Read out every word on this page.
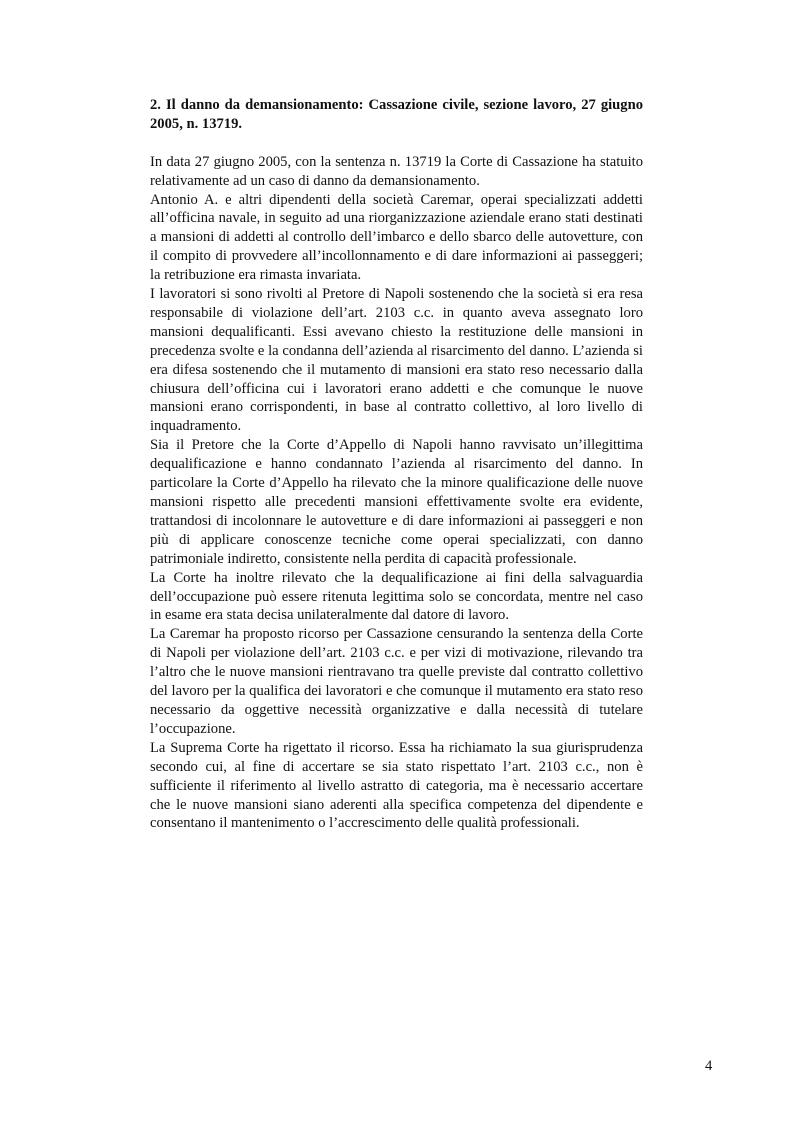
2. Il danno da demansionamento: Cassazione civile, sezione lavoro, 27 giugno 2005, n. 13719.

In data 27 giugno 2005, con la sentenza n. 13719 la Corte di Cassazione ha statuito relativamente ad un caso di danno da demansionamento.

Antonio A. e altri dipendenti della società Caremar, operai specializzati addetti all’officina navale, in seguito ad una riorganizzazione aziendale erano stati destinati a mansioni di addetti al controllo dell’imbarco e dello sbarco delle autovetture, con il compito di provvedere all’incollonnamento e di dare informazioni ai passeggeri; la retribuzione era rimasta invariata.

I lavoratori si sono rivolti al Pretore di Napoli sostenendo che la società si era resa responsabile di violazione dell’art. 2103 c.c. in quanto aveva assegnato loro mansioni dequalificanti. Essi avevano chiesto la restituzione delle mansioni in precedenza svolte e la condanna dell’azienda al risarcimento del danno. L’azienda si era difesa sostenendo che il mutamento di mansioni era stato reso necessario dalla chiusura dell’officina cui i lavoratori erano addetti e che comunque le nuove mansioni erano corrispondenti, in base al contratto collettivo, al loro livello di inquadramento.

Sia il Pretore che la Corte d’Appello di Napoli hanno ravvisato un’illegittima dequalificazione e hanno condannato l’azienda al risarcimento del danno. In particolare la Corte d’Appello ha rilevato che la minore qualificazione delle nuove mansioni rispetto alle precedenti mansioni effettivamente svolte era evidente, trattandosi di incolonnare le autovetture e di dare informazioni ai passeggeri e non più di applicare conoscenze tecniche come operai specializzati, con danno patrimoniale indiretto, consistente nella perdita di capacità professionale.

La Corte ha inoltre rilevato che la dequalificazione ai fini della salvaguardia dell’occupazione può essere ritenuta legittima solo se concordata, mentre nel caso in esame era stata decisa unilateralmente dal datore di lavoro.

La Caremar ha proposto ricorso per Cassazione censurando la sentenza della Corte di Napoli per violazione dell’art. 2103 c.c. e per vizi di motivazione, rilevando tra l’altro che le nuove mansioni rientravano tra quelle previste dal contratto collettivo del lavoro per la qualifica dei lavoratori e che comunque il mutamento era stato reso necessario da oggettive necessità organizzative e dalla necessità di tutelare l’occupazione.

La Suprema Corte ha rigettato il ricorso. Essa ha richiamato la sua giurisprudenza secondo cui, al fine di accertare se sia stato rispettato l’art. 2103 c.c., non è sufficiente il riferimento al livello astratto di categoria, ma è necessario accertare che le nuove mansioni siano aderenti alla specifica competenza del dipendente e consentano il mantenimento o l’accrescimento delle qualità professionali.

4
